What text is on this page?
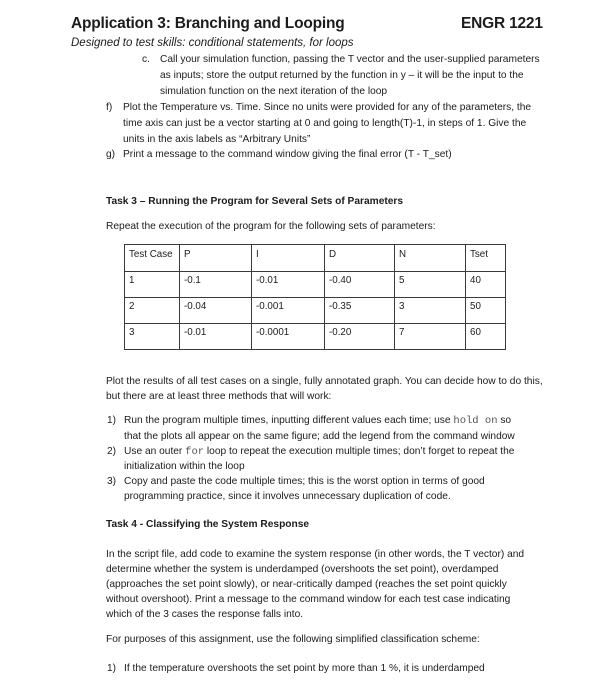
Application 3: Branching and Looping	ENGR 1221
Designed to test skills: conditional statements, for loops
c. Call your simulation function, passing the T vector and the user-supplied parameters
as inputs; store the output returned by the function in y – it will be the input to the
simulation function on the next iteration of the loop
f) Plot the Temperature vs. Time. Since no units were provided for any of the parameters, the
time axis can just be a vector starting at 0 and going to length(T)-1, in steps of 1. Give the
units in the axis labels as “Arbitrary Units”
g) Print a message to the command window giving the final error (T - T_set)
Task 3 – Running the Program for Several Sets of Parameters
Repeat the execution of the program for the following sets of parameters:
Test Case	P	I	D	N	Tset
1	-0.1	-0.01	-0.40	5	40
2	-0.04	-0.001	-0.35	3	50
3	-0.01	-0.0001	-0.20	7	60
Plot the results of all test cases on a single, fully annotated graph. You can decide how to do this,
but there are at least three methods that will work:
1) Run the program multiple times, inputting different values each time; use hold on so
that the plots all appear on the same figure; add the legend from the command window
2) Use an outer for loop to repeat the execution multiple times; don’t forget to repeat the
initialization within the loop
3) Copy and paste the code multiple times; this is the worst option in terms of good
programming practice, since it involves unnecessary duplication of code.
Task 4 - Classifying the System Response
In the script file, add code to examine the system response (in other words, the T vector) and
determine whether the system is underdamped (overshoots the set point), overdamped
(approaches the set point slowly), or near-critically damped (reaches the set point quickly
without overshoot). Print a message to the command window for each test case indicating
which of the 3 cases the response falls into.
For purposes of this assignment, use the following simplified classification scheme:
1) If the temperature overshoots the set point by more than 1 %, it is underdamped
